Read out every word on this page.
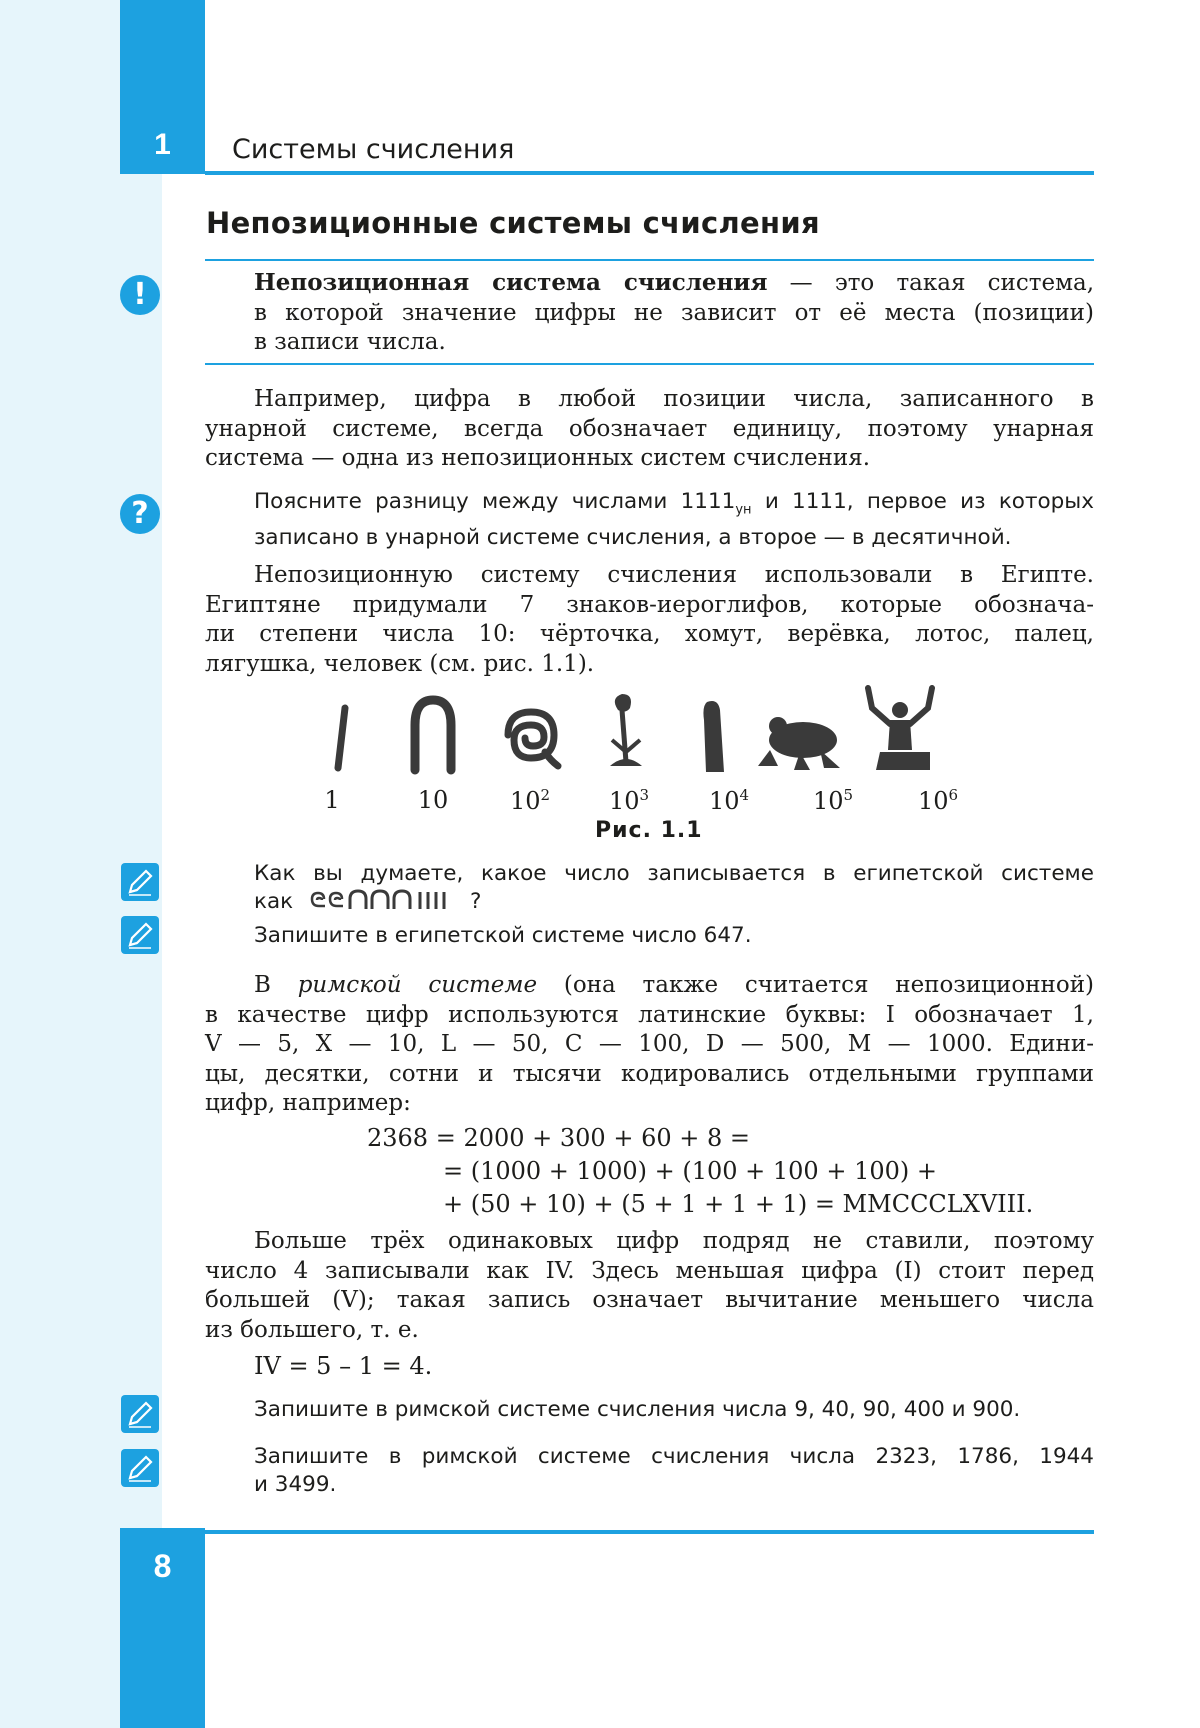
1	Системы счисления
Непозиционные системы счисления
!	Непозиционная система счисления — это такая система,
в которой значение цифры не зависит от её места (позиции)
в записи числа.
Например, цифра в любой позиции числа, записанного в
унарной системе, всегда обозначает единицу, поэтому унарная
система — одна из непозиционных систем счисления.
?	Поясните разницу между числами $1111_{ун}$ и 1111, первое из которых
записано в унарной системе счисления, а второе — в десятичной.
Непозиционную систему счисления использовали в Египте.
Египтяне придумали 7 знаков-иероглифов, которые обознача-
ли степени числа 10: чёрточка, хомут, верёвка, лотос, палец,
лягушка, человек (см. рис. 1.1).
1	10	$10^2$	$10^3$	$10^4$	$10^5$	$10^6$
Рис. 1.1
Как вы думаете, какое число записывается в египетской системе
как	?
Запишите в египетской системе число 647.
В римской системе (она также считается непозиционной)
в качестве цифр используются латинские буквы: I обозначает 1,
V — 5, X — 10, L — 50, C — 100, D — 500, M — 1000. Едини-
цы, десятки, сотни и тысячи кодировались отдельными группами
цифр, например:
2368 = 2000 + 300 + 60 + 8 =
= (1000 + 1000) + (100 + 100 + 100) +
+ (50 + 10) + (5 + 1 + 1 + 1) = MMCCCLXVIII.
Больше трёх одинаковых цифр подряд не ставили, поэтому
число 4 записывали как IV. Здесь меньшая цифра (I) стоит перед
большей (V); такая запись означает вычитание меньшего числа
из большего, т. е.
IV = 5 – 1 = 4.
Запишите в римской системе счисления числа 9, 40, 90, 400 и 900.
Запишите в римской системе счисления числа 2323, 1786, 1944
и 3499.
8
